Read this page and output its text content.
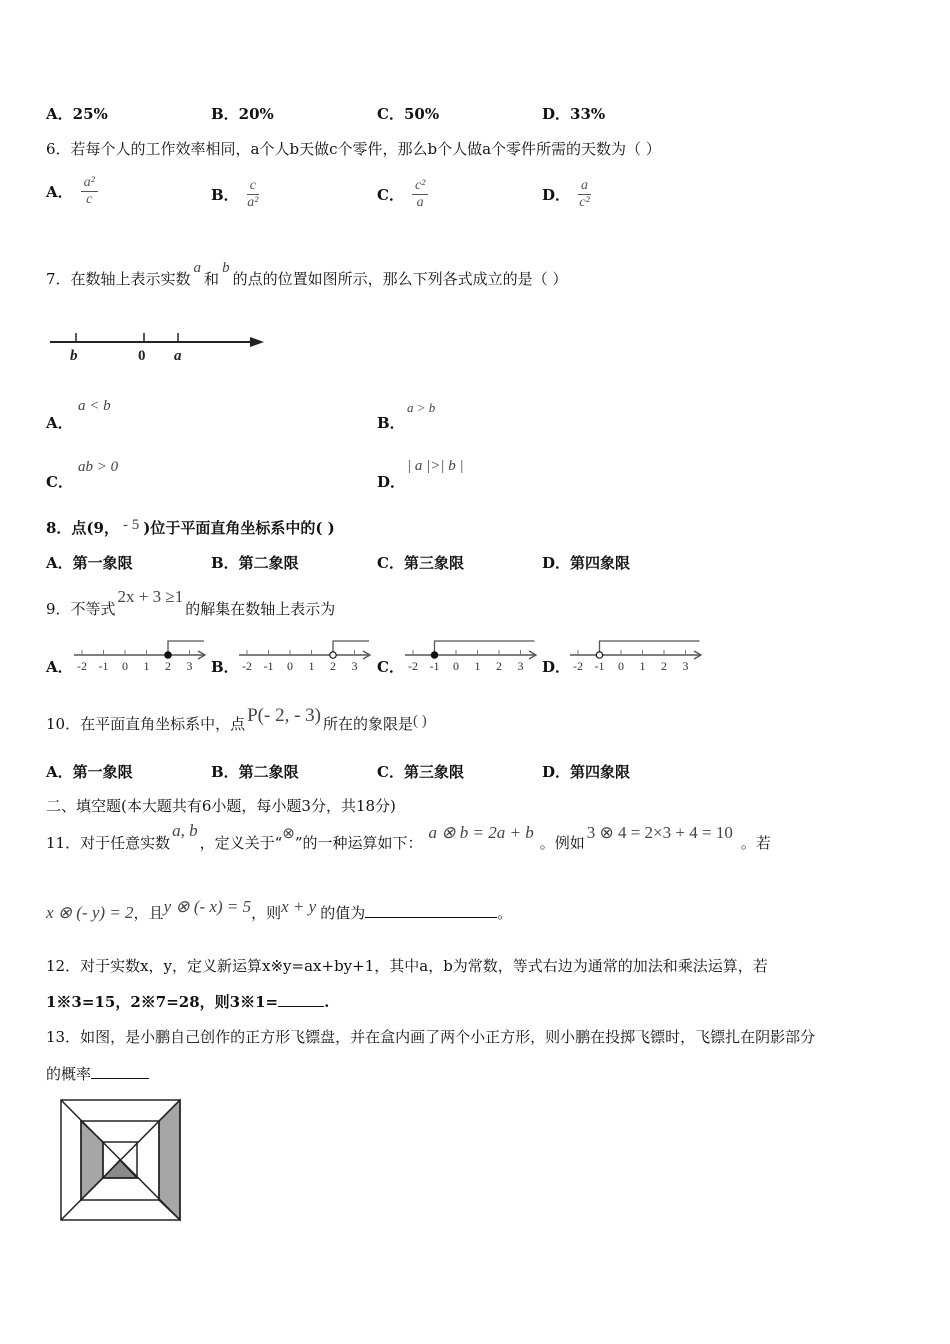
A．25%	B．20%	C．50%	D．33%
6．若每个人的工作效率相同，a个人b天做c个零件，那么b个人做a个零件所需的天数为（ ）
A． $\frac{\text{a²}}{c}$	B． $\frac{c}{\text{a²}}$	C． $\frac{\text{c²}}{a}$	D． $\frac{a}{\text{c²}}$
7．在数轴上表示实数a和b的点的位置如图所示，那么下列各式成立的是（ ）
b	0 a
A．
a < b
B．
a > b
C．
ab > 0
D．
| a |>| b |
8．点(9， - 5 )位于平面直角坐标系中的( )
A．第一象限	B．第二象限	C．第三象限	D．第四象限
9．不等式2x + 3 ≥1的解集在数轴上表示为
A． -2 -1 0 1 2 3 B． -2 -1 0 1 2 3 C． -2 -1 0 1 2 3 D． -2 -1 0 1 2 3
10．在平面直角坐标系中，点 P(- 2, - 3) 所在的象限是( )
A．第一象限	B．第二象限	C．第三象限	D．第四象限
二、填空题(本大题共有6小题，每小题3分，共18分)
11．对于任意实数a, b，定义关于“⊗”的一种运算如下：a ⊗ b = 2a + b。例如3 ⊗ 4 = 2×3 + 4 = 10。若
x ⊗ (- y) = 2，且y ⊗ (- x) = 5，则x + y 的值为	。
12．对于实数x，y，定义新运算x※y=ax+by+1，其中a，b为常数，等式右边为通常的加法和乘法运算，若
1※3=15，2※7=28，则3※1=	.
13．如图，是小鹏自己创作的正方形飞镖盘，并在盒内画了两个小正方形，则小鹏在投掷飞镖时，飞镖扎在阴影部分
的概率
